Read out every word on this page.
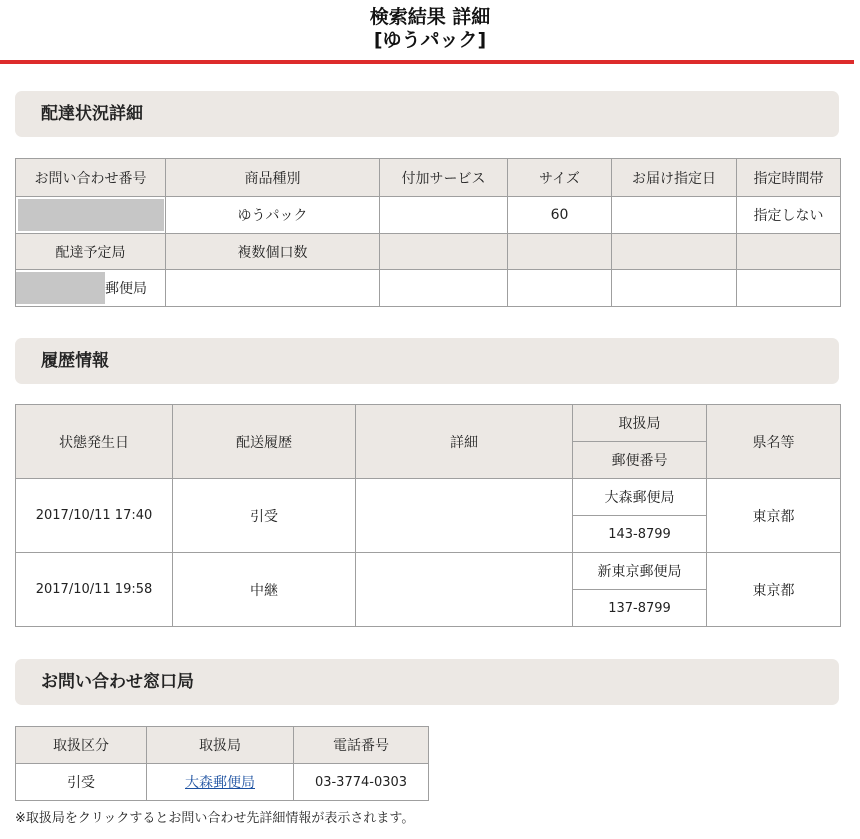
検索結果 詳細
[ゆうパック]
配達状況詳細
お問い合わせ番号	商品種別	付加サービス	サイズ	お届け指定日	指定時間帯
	ゆうパック		60		指定しない
配達予定局	複数個口数				
郵便局					
履歴情報
状態発生日	配送履歴	詳細	取扱局	県名等
			郵便番号	
2017/10/11 17:40	引受		大森郵便局	東京都
			143-8799	
2017/10/11 19:58	中継		新東京郵便局	東京都
			137-8799	
お問い合わせ窓口局
取扱区分	取扱局	電話番号
引受	大森郵便局	03-3774-0303
※取扱局をクリックするとお問い合わせ先詳細情報が表示されます。
